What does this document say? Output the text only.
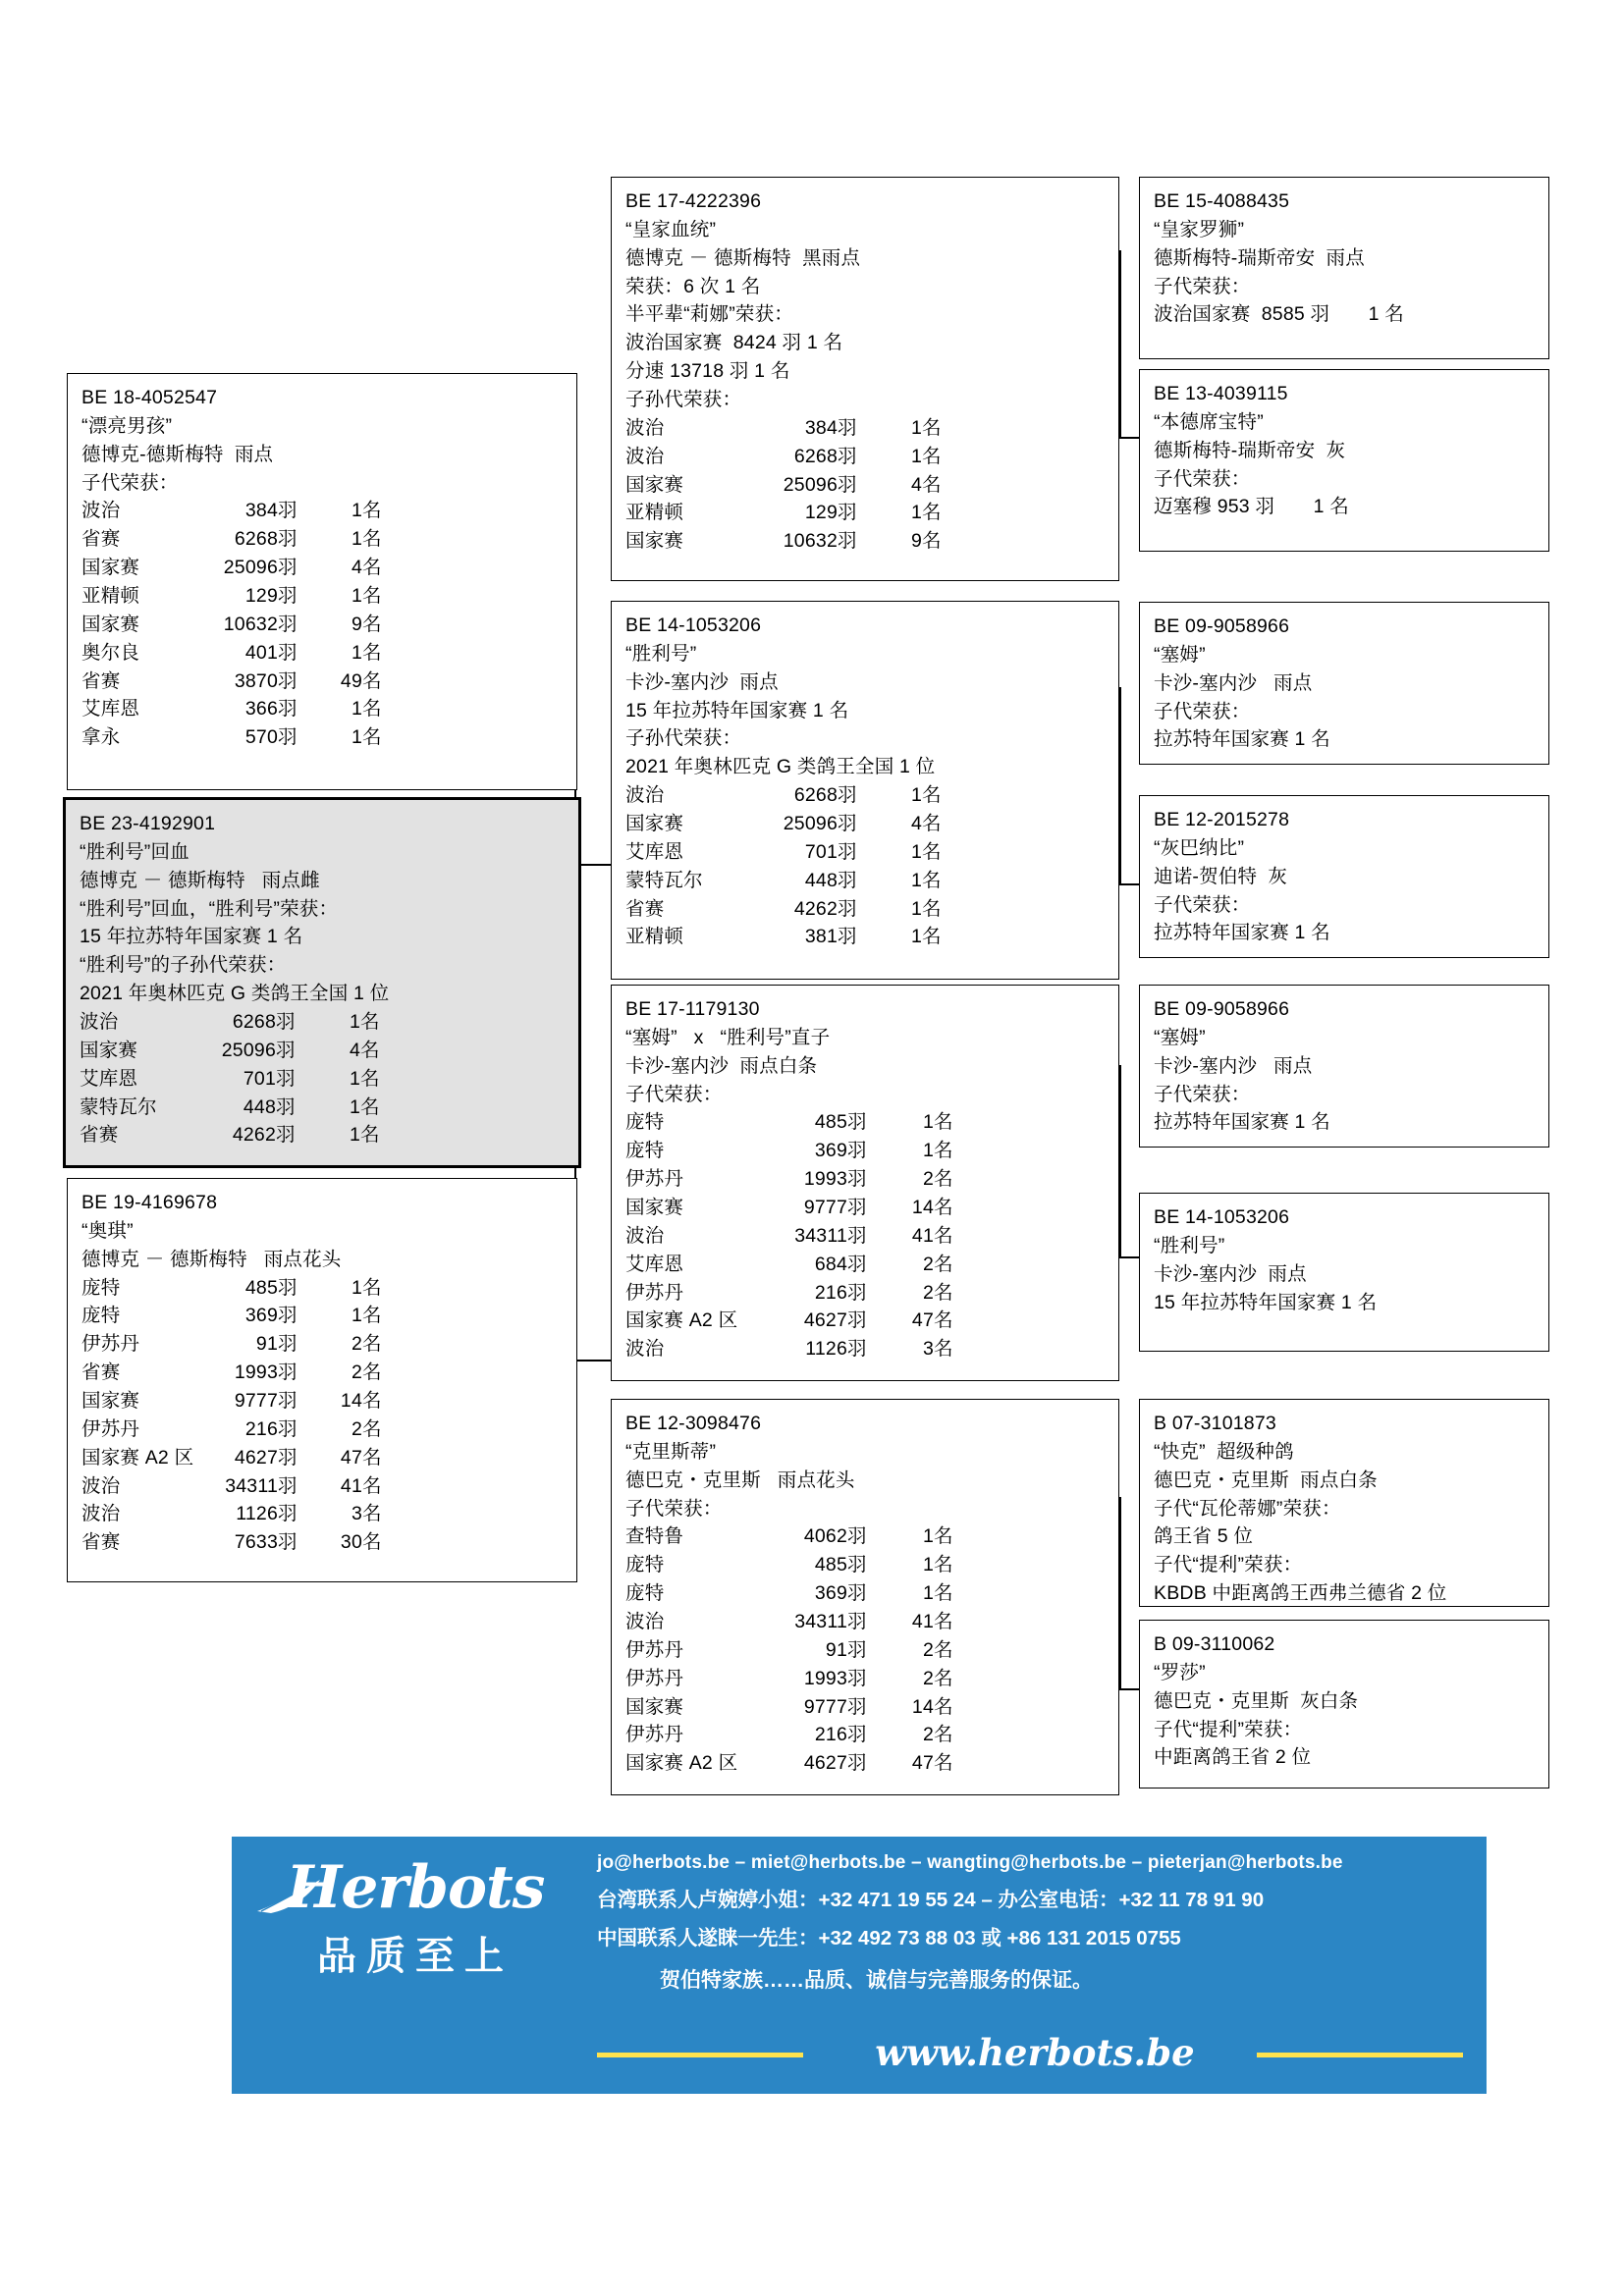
BE 18-4052547
“漂亮男孩”
德博克-德斯梅特  雨点
子代荣获：
波治	384 羽	1 名
省赛	6268 羽	1 名
国家赛	25096 羽	4 名
亚精顿	129 羽	1 名
国家赛	10632 羽	9 名
奥尔良	401 羽	1 名
省赛	3870 羽	49 名
艾库恩	366 羽	1 名
拿永	570 羽	1 名
BE 23-4192901
“胜利号”回血
德博克 － 德斯梅特   雨点雌
“胜利号”回血，“胜利号”荣获：
15 年拉苏特年国家赛 1 名
“胜利号”的子孙代荣获：
2021 年奥林匹克 G 类鸽王全国 1 位
波治	6268 羽	1 名
国家赛	25096 羽	4 名
艾库恩	701 羽	1 名
蒙特瓦尔	448 羽	1 名
省赛	4262 羽	1 名
BE 19-4169678
“奥琪”
德博克 － 德斯梅特   雨点花头
庞特	485 羽	1 名
庞特	369 羽	1 名
伊苏丹	91 羽	2 名
省赛	1993 羽	2 名
国家赛	9777 羽	14 名
伊苏丹	216 羽	2 名
国家赛 A2 区	4627 羽	47 名
波治	34311 羽	41 名
波治	1126 羽	3 名
省赛	7633 羽	30 名
BE 17-4222396
“皇家血统”
德博克 － 德斯梅特  黑雨点
荣获：6 次 1 名
半平辈“莉娜”荣获：
波治国家赛  8424 羽 1 名
分速 13718 羽 1 名
子孙代荣获：
波治	384 羽	1 名
波治	6268 羽	1 名
国家赛	25096 羽	4 名
亚精顿	129 羽	1 名
国家赛	10632 羽	9 名
BE 14-1053206
“胜利号”
卡沙-塞内沙  雨点
15 年拉苏特年国家赛 1 名
子孙代荣获：
2021 年奥林匹克 G 类鸽王全国 1 位
波治	6268 羽	1 名
国家赛	25096 羽	4 名
艾库恩	701 羽	1 名
蒙特瓦尔	448 羽	1 名
省赛	4262 羽	1 名
亚精顿	381 羽	1 名
BE 17-1179130
“塞姆”   x   “胜利号”直子
卡沙-塞内沙  雨点白条
子代荣获：
庞特	485 羽	1 名
庞特	369 羽	1 名
伊苏丹	1993 羽	2 名
国家赛	9777 羽	14 名
波治	34311 羽	41 名
艾库恩	684 羽	2 名
伊苏丹	216 羽	2 名
国家赛 A2 区	4627 羽	47 名
波治	1126 羽	3 名
BE 12-3098476
“克里斯蒂”
德巴克・克里斯   雨点花头
子代荣获：
查特鲁	4062 羽	1 名
庞特	485 羽	1 名
庞特	369 羽	1 名
波治	34311 羽	41 名
伊苏丹	91 羽	2 名
伊苏丹	1993 羽	2 名
国家赛	9777 羽	14 名
伊苏丹	216 羽	2 名
国家赛 A2 区	4627 羽	47 名
BE 15-4088435
“皇家罗狮”
德斯梅特-瑞斯帝安  雨点
子代荣获：
波治国家赛  8585 羽　　1 名
BE 13-4039115
“本德席宝特”
德斯梅特-瑞斯帝安  灰
子代荣获：
迈塞穆 953 羽　　1 名
BE 09-9058966
“塞姆”
卡沙-塞内沙   雨点
子代荣获：
拉苏特年国家赛 1 名
BE 12-2015278
“灰巴纳比”
迪诺-贺伯特  灰
子代荣获：
拉苏特年国家赛 1 名
BE 09-9058966
“塞姆”
卡沙-塞内沙   雨点
子代荣获：
拉苏特年国家赛 1 名
BE 14-1053206
“胜利号”
卡沙-塞内沙  雨点
15 年拉苏特年国家赛 1 名
B 07-3101873
“快克”  超级种鸽
德巴克・克里斯  雨点白条
子代“瓦伦蒂娜”荣获：
鸽王省 5 位
子代“提利”荣获：
KBDB 中距离鸽王西弗兰德省 2 位
B 09-3110062
“罗莎”
德巴克・克里斯  灰白条
子代“提利”荣获：
中距离鸽王省 2 位
Herbots
品质至上
jo@herbots.be – miet@herbots.be – wangting@herbots.be – pieterjan@herbots.be
台湾联系人卢婉婷小姐：+32 471 19 55 24 – 办公室电话：+32 11 78 91 90
中国联系人遂睐一先生：+32 492 73 88 03 或 +86 131 2015 0755
贺伯特家族……品质、诚信与完善服务的保证。
www.herbots.be
